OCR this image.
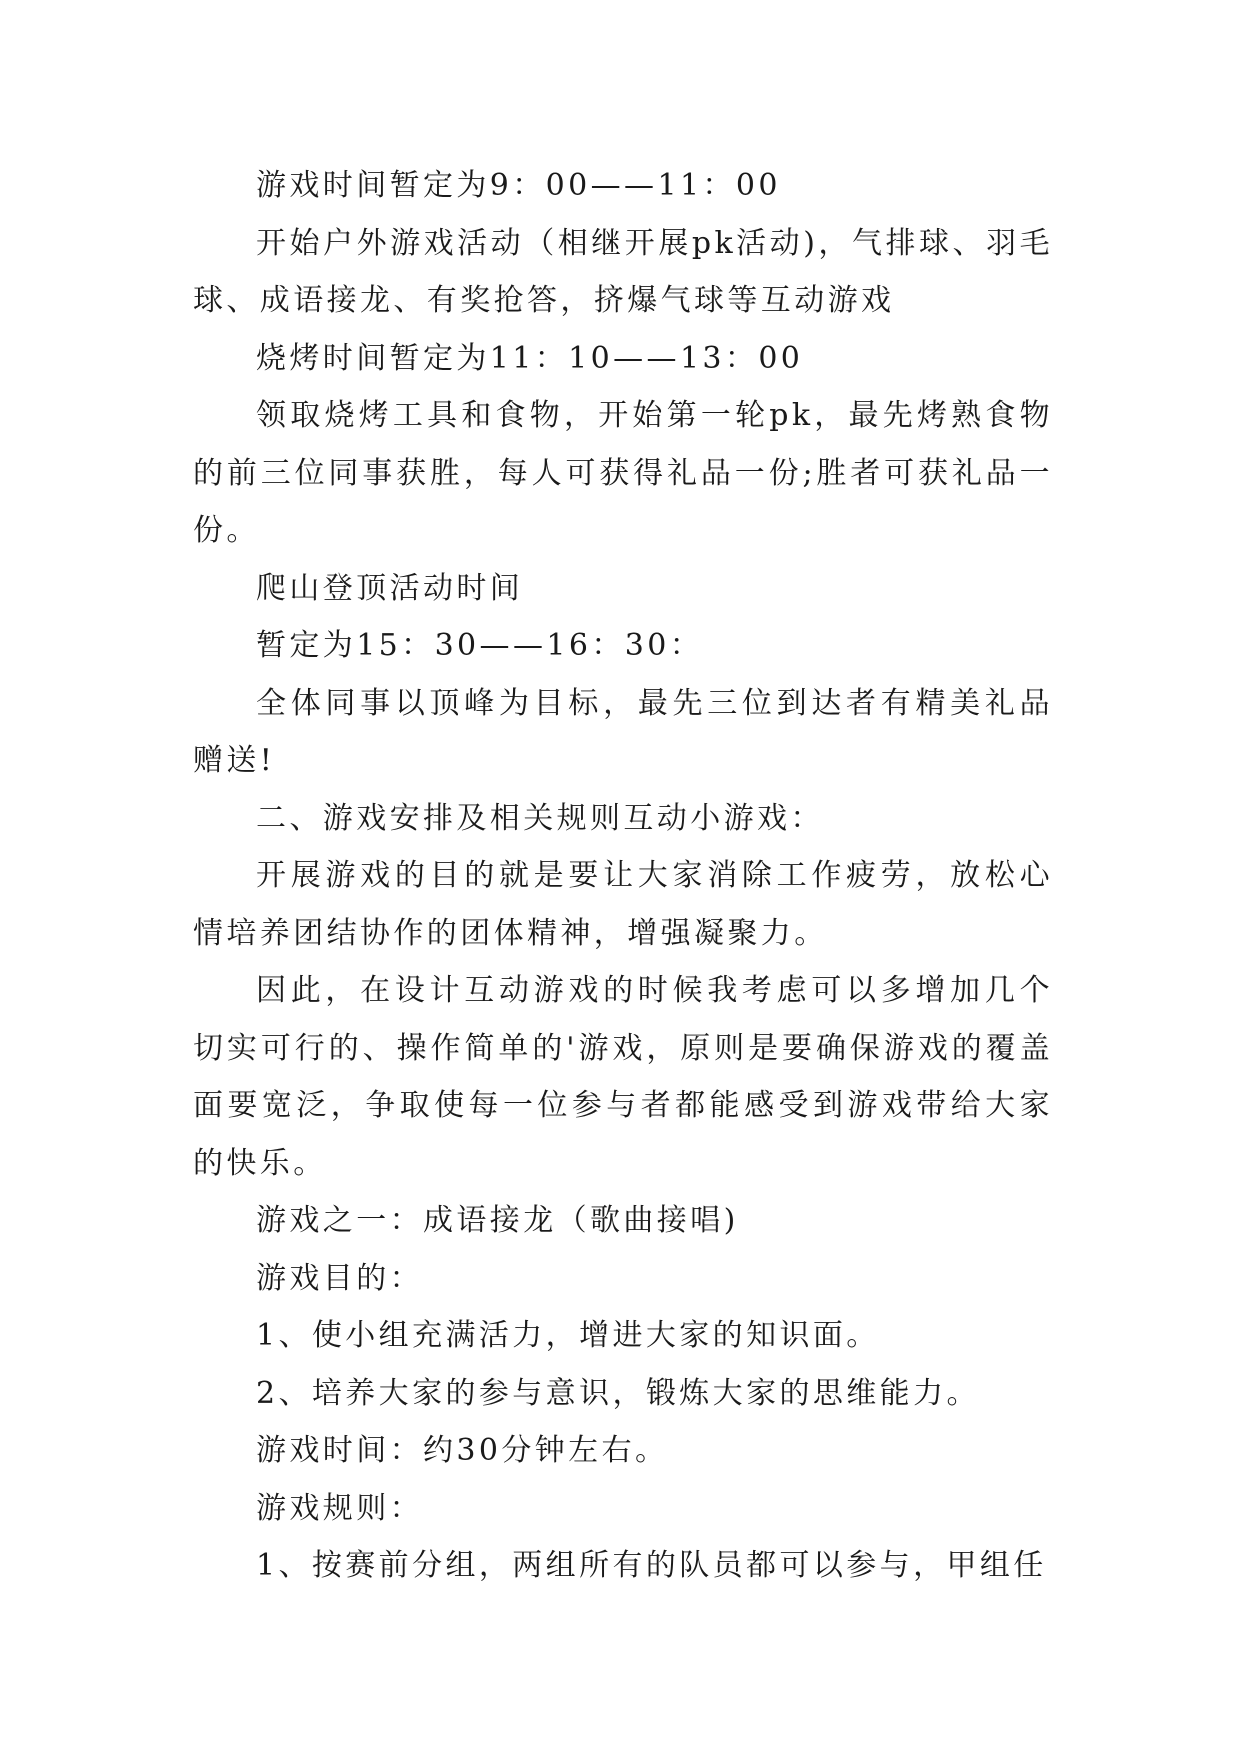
游戏时间暂定为9：00——11：00

开始户外游戏活动（相继开展pk活动)，气排球、羽毛球、成语接龙、有奖抢答，挤爆气球等互动游戏

烧烤时间暂定为11：10——13：00

领取烧烤工具和食物，开始第一轮pk，最先烤熟食物的前三位同事获胜，每人可获得礼品一份;胜者可获礼品一份。

爬山登顶活动时间

暂定为15：30——16：30：

全体同事以顶峰为目标，最先三位到达者有精美礼品赠送!

二、游戏安排及相关规则互动小游戏：

开展游戏的目的就是要让大家消除工作疲劳，放松心情培养团结协作的团体精神，增强凝聚力。

因此，在设计互动游戏的时候我考虑可以多增加几个切实可行的、操作简单的'游戏，原则是要确保游戏的覆盖面要宽泛，争取使每一位参与者都能感受到游戏带给大家的快乐。

游戏之一：成语接龙（歌曲接唱)

游戏目的：

1、使小组充满活力，增进大家的知识面。

2、培养大家的参与意识，锻炼大家的思维能力。

游戏时间：约30分钟左右。

游戏规则：

1、按赛前分组，两组所有的队员都可以参与，甲组任
